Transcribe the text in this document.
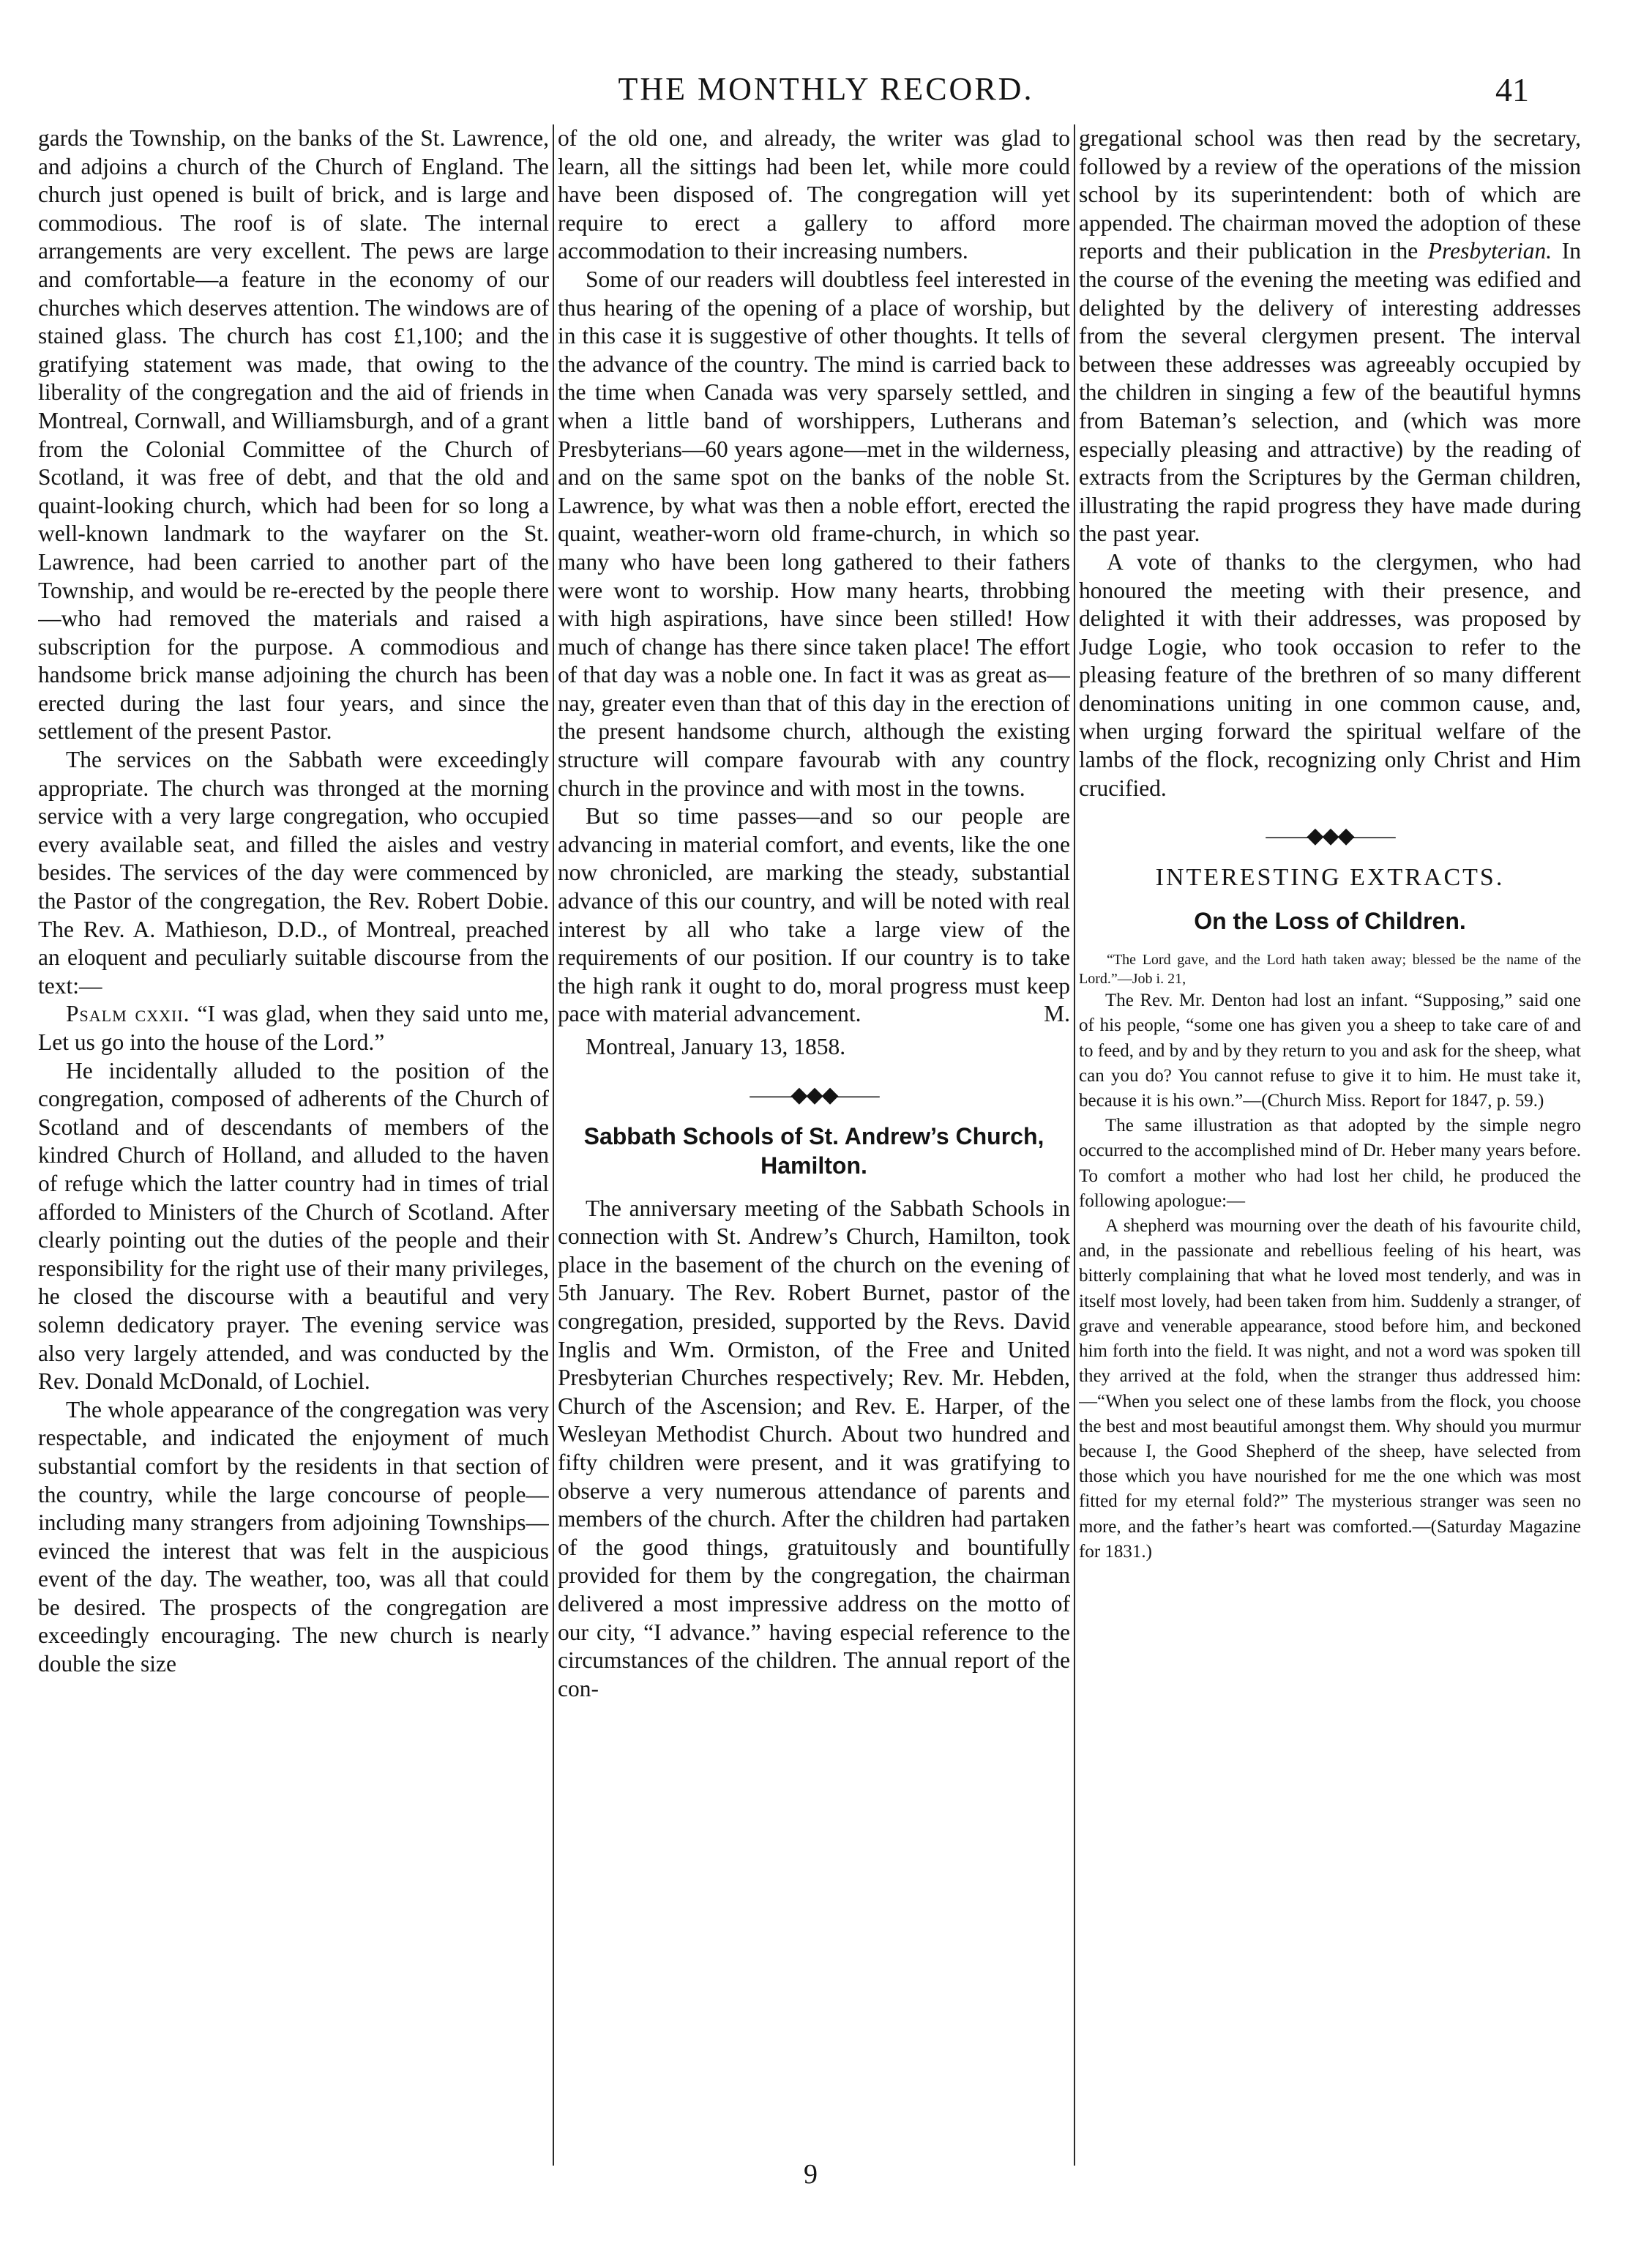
THE MONTHLY RECORD.	41

gards the Township, on the banks of the St. Lawrence, and adjoins a church of the Church of England. The church just opened is built of brick, and is large and commodious. The roof is of slate. The internal arrangements are very excellent. The pews are large and comfortable—a feature in the economy of our churches which deserves attention. The windows are of stained glass. The church has cost £1,100; and the gratifying statement was made, that owing to the liberality of the congregation and the aid of friends in Montreal, Cornwall, and Williamsburgh, and of a grant from the Colonial Committee of the Church of Scotland, it was free of debt, and that the old and quaint-looking church, which had been for so long a well-known landmark to the wayfarer on the St. Lawrence, had been carried to another part of the Township, and would be re-erected by the people there—who had removed the materials and raised a subscription for the purpose. A commodious and handsome brick manse adjoining the church has been erected during the last four years, and since the settlement of the present Pastor.

The services on the Sabbath were exceedingly appropriate. The church was thronged at the morning service with a very large congregation, who occupied every available seat, and filled the aisles and vestry besides. The services of the day were commenced by the Pastor of the congregation, the Rev. Robert Dobie. The Rev. A. Mathieson, D.D., of Montreal, preached an eloquent and peculiarly suitable discourse from the text:—

Psalm cxxii. “I was glad, when they said unto me, Let us go into the house of the Lord.”

He incidentally alluded to the position of the congregation, composed of adherents of the Church of Scotland and of descendants of members of the kindred Church of Holland, and alluded to the haven of refuge which the latter country had in times of trial afforded to Ministers of the Church of Scotland. After clearly pointing out the duties of the people and their responsibility for the right use of their many privileges, he closed the discourse with a beautiful and very solemn dedicatory prayer. The evening service was also very largely attended, and was conducted by the Rev. Donald McDonald, of Lochiel.

The whole appearance of the congregation was very respectable, and indicated the enjoyment of much substantial comfort by the residents in that section of the country, while the large concourse of people—including many strangers from adjoining Townships—evinced the interest that was felt in the auspicious event of the day. The weather, too, was all that could be desired. The prospects of the congregation are exceedingly encouraging. The new church is nearly double the size

of the old one, and already, the writer was glad to learn, all the sittings had been let, while more could have been disposed of. The congregation will yet require to erect a gallery to afford more accommodation to their increasing numbers.

Some of our readers will doubtless feel interested in thus hearing of the opening of a place of worship, but in this case it is suggestive of other thoughts. It tells of the advance of the country. The mind is carried back to the time when Canada was very sparsely settled, and when a little band of worshippers, Lutherans and Presbyterians—60 years agone—met in the wilderness, and on the same spot on the banks of the noble St. Lawrence, by what was then a noble effort, erected the quaint, weather-worn old frame-church, in which so many who have been long gathered to their fathers were wont to worship. How many hearts, throbbing with high aspirations, have since been stilled! How much of change has there since taken place! The effort of that day was a noble one. In fact it was as great as—nay, greater even than that of this day in the erection of the present handsome church, although the existing structure will compare favourab with any country church in the province and with most in the towns.

But so time passes—and so our people are advancing in material comfort, and events, like the one now chronicled, are marking the steady, substantial advance of this our country, and will be noted with real interest by all who take a large view of the requirements of our position. If our country is to take the high rank it ought to do, moral progress must keep pace with material advancement.	M.

Montreal, January 13, 1858.

——◆◆◆——
Sabbath Schools of St. Andrew’s Church, Hamilton.

The anniversary meeting of the Sabbath Schools in connection with St. Andrew’s Church, Hamilton, took place in the basement of the church on the evening of 5th January. The Rev. Robert Burnet, pastor of the congregation, presided, supported by the Revs. David Inglis and Wm. Ormiston, of the Free and United Presbyterian Churches respectively; Rev. Mr. Hebden, Church of the Ascension; and Rev. E. Harper, of the Wesleyan Methodist Church. About two hundred and fifty children were present, and it was gratifying to observe a very numerous attendance of parents and members of the church. After the children had partaken of the good things, gratuitously and bountifully provided for them by the congregation, the chairman delivered a most impressive address on the motto of our city, “I advance.” having especial reference to the circumstances of the children. The annual report of the con-

gregational school was then read by the secretary, followed by a review of the operations of the mission school by its superintendent: both of which are appended. The chairman moved the adoption of these reports and their publication in the Presbyterian. In the course of the evening the meeting was edified and delighted by the delivery of interesting addresses from the several clergymen present. The interval between these addresses was agreeably occupied by the children in singing a few of the beautiful hymns from Bateman’s selection, and (which was more especially pleasing and attractive) by the reading of extracts from the Scriptures by the German children, illustrating the rapid progress they have made during the past year.

A vote of thanks to the clergymen, who had honoured the meeting with their presence, and delighted it with their addresses, was proposed by Judge Logie, who took occasion to refer to the pleasing feature of the brethren of so many different denominations uniting in one common cause, and, when urging forward the spiritual welfare of the lambs of the flock, recognizing only Christ and Him crucified.

——◆◆◆——
INTERESTING EXTRACTS.
On the Loss of Children.

“The Lord gave, and the Lord hath taken away; blessed be the name of the Lord.”—Job i. 21,

The Rev. Mr. Denton had lost an infant. “Supposing,” said one of his people, “some one has given you a sheep to take care of and to feed, and by and by they return to you and ask for the sheep, what can you do? You cannot refuse to give it to him. He must take it, because it is his own.”—(Church Miss. Report for 1847, p. 59.)

The same illustration as that adopted by the simple negro occurred to the accomplished mind of Dr. Heber many years before. To comfort a mother who had lost her child, he produced the following apologue:—

A shepherd was mourning over the death of his favourite child, and, in the passionate and rebellious feeling of his heart, was bitterly complaining that what he loved most tenderly, and was in itself most lovely, had been taken from him. Suddenly a stranger, of grave and venerable appearance, stood before him, and beckoned him forth into the field. It was night, and not a word was spoken till they arrived at the fold, when the stranger thus addressed him:—“When you select one of these lambs from the flock, you choose the best and most beautiful amongst them. Why should you murmur because I, the Good Shepherd of the sheep, have selected from those which you have nourished for me the one which was most fitted for my eternal fold?” The mysterious stranger was seen no more, and the father’s heart was comforted.—(Saturday Magazine for 1831.)

9
